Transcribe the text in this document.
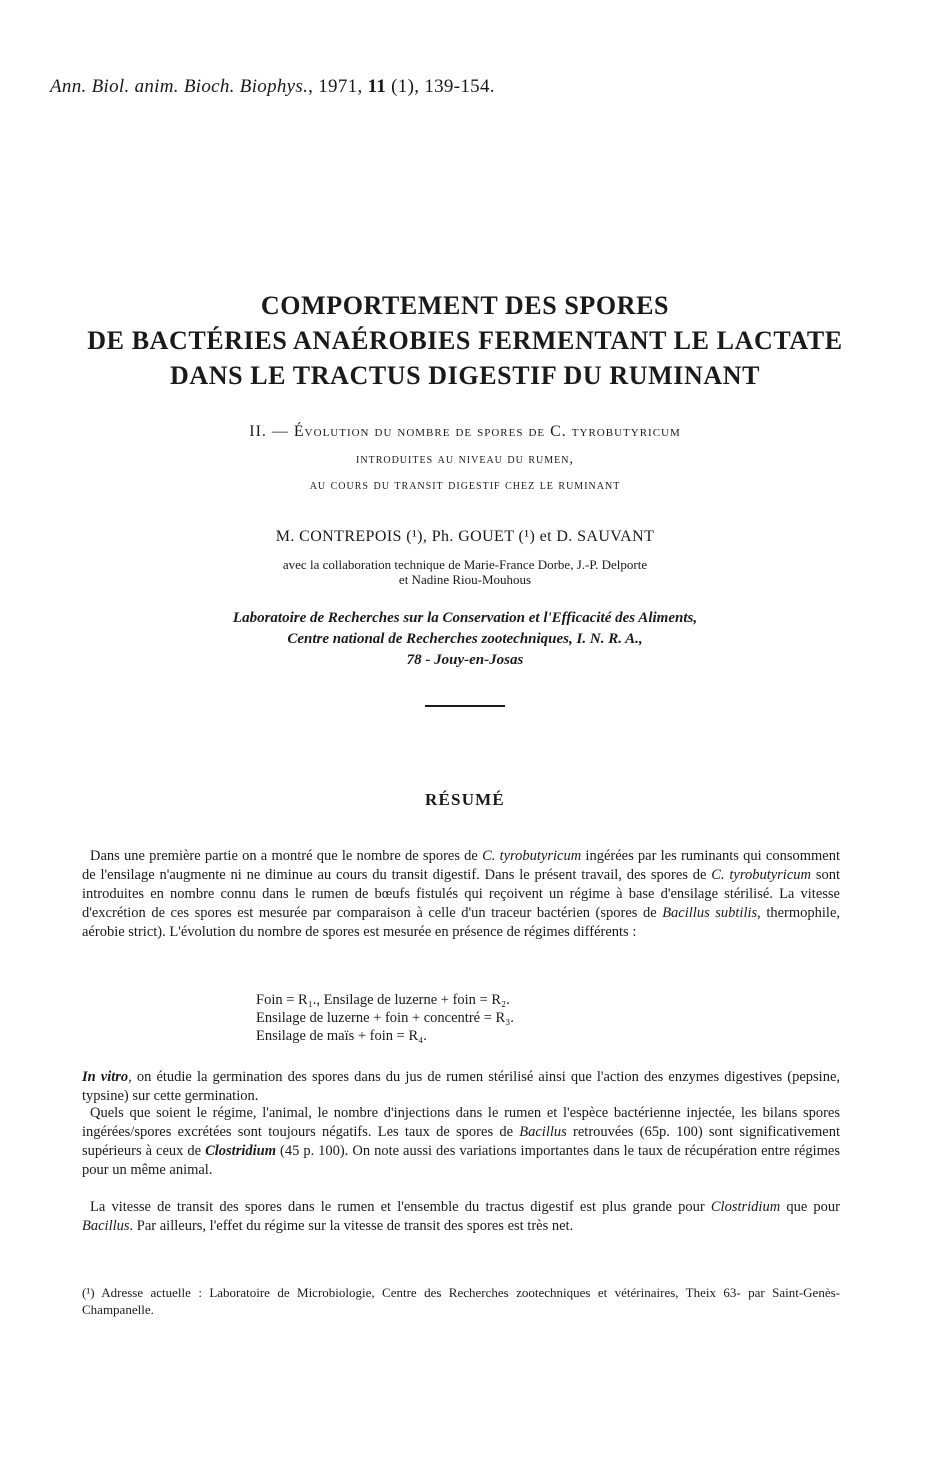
Ann. Biol. anim. Bioch. Biophys., 1971, 11 (1), 139-154.
COMPORTEMENT DES SPORES
DE BACTÉRIES ANAÉROBIES FERMENTANT LE LACTATE
DANS LE TRACTUS DIGESTIF DU RUMINANT
II. — Évolution du nombre de spores de C. tyrobutyricum
introduites au niveau du rumen,
au cours du transit digestif chez le ruminant
M. CONTREPOIS (¹), Ph. GOUET (¹) et D. SAUVANT
avec la collaboration technique de Marie-France Dorbe, J.-P. Delporte
et Nadine Riou-Mouhous
Laboratoire de Recherches sur la Conservation et l'Efficacité des Aliments,
Centre national de Recherches zootechniques, I. N. R. A.,
78 - Jouy-en-Josas
RÉSUMÉ
Dans une première partie on a montré que le nombre de spores de C. tyrobutyricum ingérées par les ruminants qui consomment de l'ensilage n'augmente ni ne diminue au cours du transit digestif. Dans le présent travail, des spores de C. tyrobutyricum sont introduites en nombre connu dans le rumen de bœufs fistulés qui reçoivent un régime à base d'ensilage stérilisé. La vitesse d'excrétion de ces spores est mesurée par comparaison à celle d'un traceur bactérien (spores de Bacillus subtilis, thermophile, aérobie strict). L'évolution du nombre de spores est mesurée en présence de régimes différents :
Foin = R₁., Ensilage de luzerne + foin = R₂.
Ensilage de luzerne + foin + concentré = R₃.
Ensilage de maïs + foin = R₄.
In vitro, on étudie la germination des spores dans du jus de rumen stérilisé ainsi que l'action des enzymes digestives (pepsine, typsine) sur cette germination.
Quels que soient le régime, l'animal, le nombre d'injections dans le rumen et l'espèce bactérienne injectée, les bilans spores ingérées/spores excrétées sont toujours négatifs. Les taux de spores de Bacillus retrouvées (65p. 100) sont significativement supérieurs à ceux de Clostridium (45 p. 100). On note aussi des variations importantes dans le taux de récupération entre régimes pour un même animal.
La vitesse de transit des spores dans le rumen et l'ensemble du tractus digestif est plus grande pour Clostridium que pour Bacillus. Par ailleurs, l'effet du régime sur la vitesse de transit des spores est très net.
(¹) Adresse actuelle : Laboratoire de Microbiologie, Centre des Recherches zootechniques et vétérinaires, Theix 63- par Saint-Genès-Champanelle.
